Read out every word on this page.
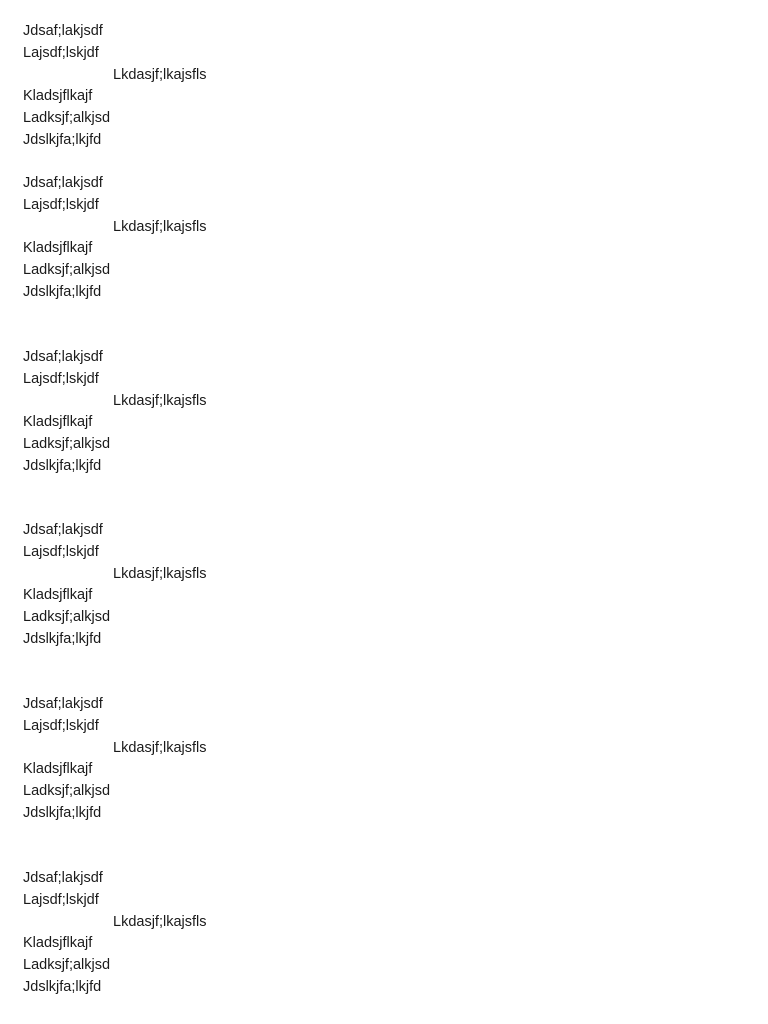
Jdsaf;lakjsdf
Lajsdf;lskjdf
Lkdasjf;lkajsfls
Kladsjflkajf
Ladksjf;alkjsd
Jdslkjfa;lkjfd
Jdsaf;lakjsdf
Lajsdf;lskjdf
Lkdasjf;lkajsfls
Kladsjflkajf
Ladksjf;alkjsd
Jdslkjfa;lkjfd
Jdsaf;lakjsdf
Lajsdf;lskjdf
Lkdasjf;lkajsfls
Kladsjflkajf
Ladksjf;alkjsd
Jdslkjfa;lkjfd
Jdsaf;lakjsdf
Lajsdf;lskjdf
Lkdasjf;lkajsfls
Kladsjflkajf
Ladksjf;alkjsd
Jdslkjfa;lkjfd
Jdsaf;lakjsdf
Lajsdf;lskjdf
Lkdasjf;lkajsfls
Kladsjflkajf
Ladksjf;alkjsd
Jdslkjfa;lkjfd
Jdsaf;lakjsdf
Lajsdf;lskjdf
Lkdasjf;lkajsfls
Kladsjflkajf
Ladksjf;alkjsd
Jdslkjfa;lkjfd
